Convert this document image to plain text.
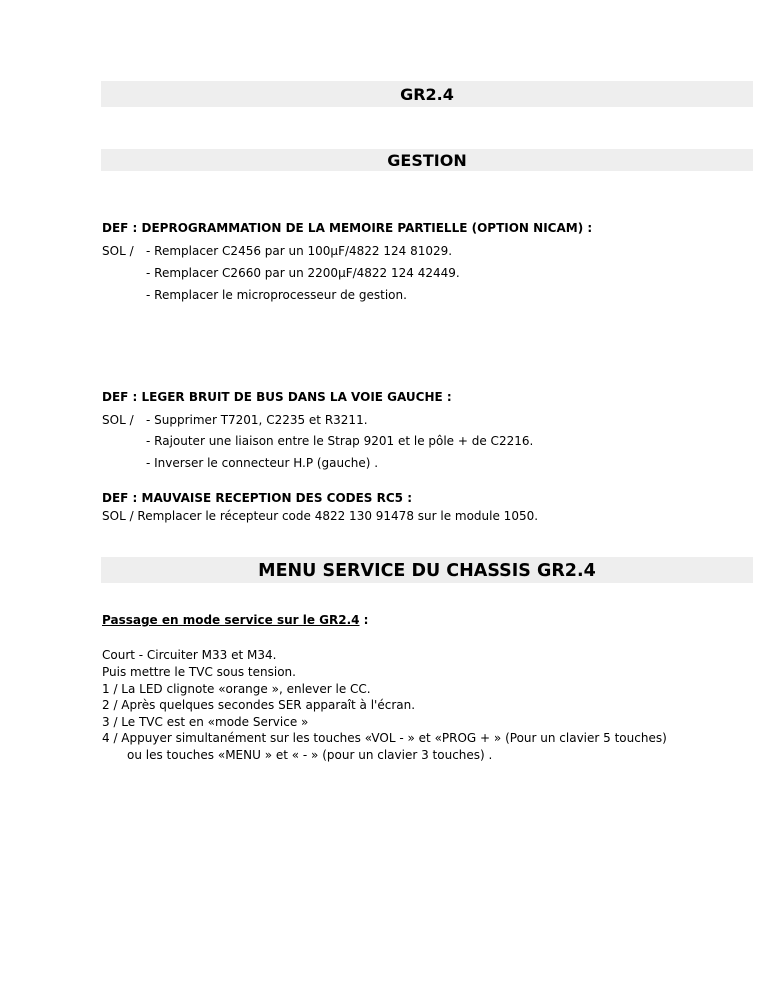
GR2.4
GESTION
DEF : DEPROGRAMMATION DE LA MEMOIRE PARTIELLE (OPTION NICAM) :
SOL / - Remplacer C2456 par un 100µF/4822 124 81029.
- Remplacer C2660 par un 2200µF/4822 124 42449.
- Remplacer le microprocesseur de gestion.
DEF : LEGER BRUIT DE BUS DANS LA VOIE GAUCHE :
SOL / - Supprimer T7201, C2235 et R3211.
- Rajouter une liaison entre le Strap 9201 et le pôle + de C2216.
- Inverser le connecteur H.P (gauche) .
DEF : MAUVAISE RECEPTION DES CODES RC5 :
SOL / Remplacer le récepteur code 4822 130 91478 sur le module 1050.
MENU SERVICE DU CHASSIS GR2.4
Passage en mode service sur le GR2.4 :
Court - Circuiter M33 et M34.
Puis mettre le TVC sous tension.
1 / La LED clignote «orange », enlever le CC.
2 / Après quelques secondes SER apparaît à l'écran.
3 / Le TVC est en «mode Service »
4 / Appuyer simultanément sur les touches «VOL - » et «PROG + » (Pour un clavier 5 touches)
ou les touches «MENU » et « - » (pour un clavier 3 touches) .
